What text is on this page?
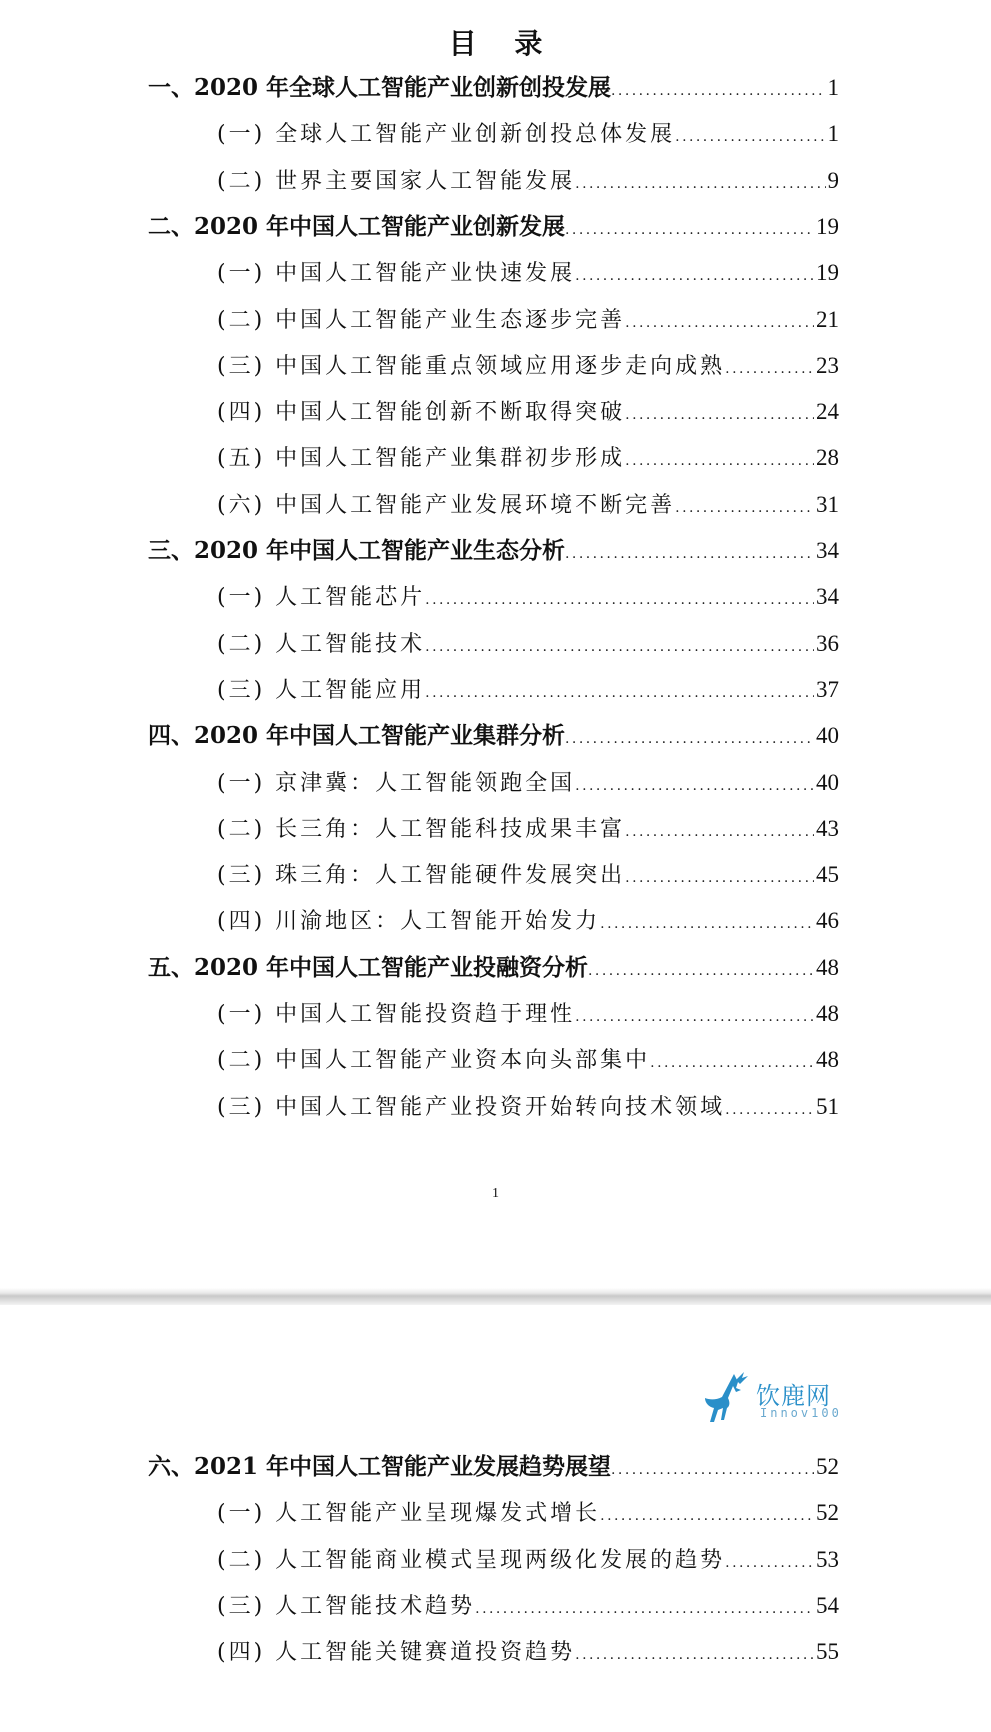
目 录
一、2020 年全球人工智能产业创新创投发展 . . .	1
(一) 全球人工智能产业创新创投总体发展 . . .	1
(二) 世界主要国家人工智能发展 . . .	9
二、2020 年中国人工智能产业创新发展 . . .	19
(一) 中国人工智能产业快速发展 . . .	19
(二) 中国人工智能产业生态逐步完善 . . .	21
(三) 中国人工智能重点领域应用逐步走向成熟 . . .	23
(四) 中国人工智能创新不断取得突破 . . .	24
(五) 中国人工智能产业集群初步形成 . . .	28
(六) 中国人工智能产业发展环境不断完善 . . .	31
三、2020 年中国人工智能产业生态分析 . . .	34
(一) 人工智能芯片 . . .	34
(二) 人工智能技术 . . .	36
(三) 人工智能应用 . . .	37
四、2020 年中国人工智能产业集群分析 . . .	40
(一) 京津冀：人工智能领跑全国 . . .	40
(二) 长三角：人工智能科技成果丰富 . . .	43
(三) 珠三角：人工智能硬件发展突出 . . .	45
(四) 川渝地区：人工智能开始发力 . . .	46
五、2020 年中国人工智能产业投融资分析 . . .	48
(一) 中国人工智能投资趋于理性 . . .	48
(二) 中国人工智能产业资本向头部集中 . . .	48
(三) 中国人工智能产业投资开始转向技术领域 . . .	51
1
饮鹿网
Innov100
六、2021 年中国人工智能产业发展趋势展望 . . .	52
(一) 人工智能产业呈现爆发式增长 . . .	52
(二) 人工智能商业模式呈现两级化发展的趋势 . . .	53
(三) 人工智能技术趋势 . . .	54
(四) 人工智能关键赛道投资趋势 . . .	55
